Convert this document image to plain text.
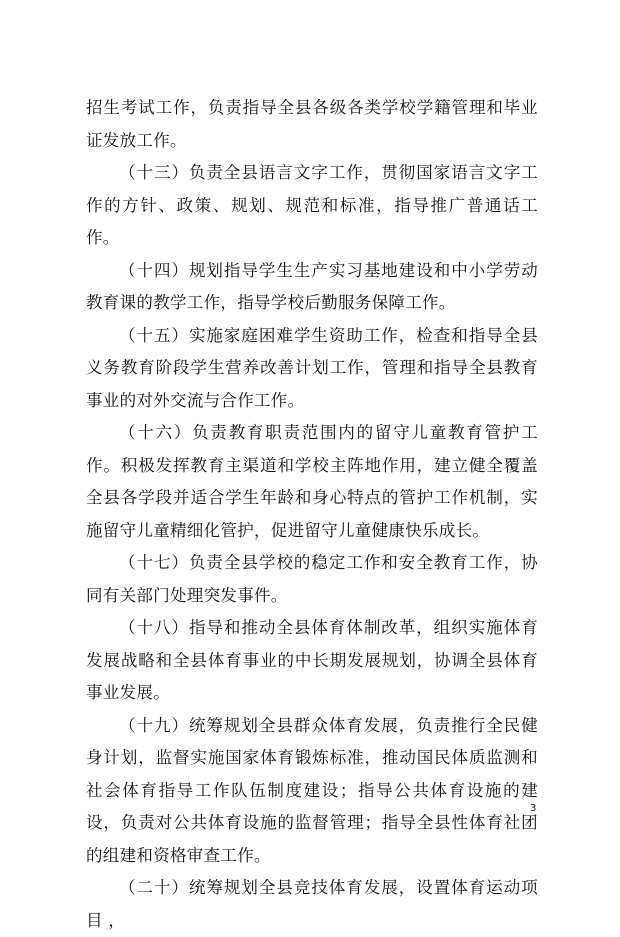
招生考试工作，负责指导全县各级各类学校学籍管理和毕业证发放工作。

（十三）负责全县语言文字工作，贯彻国家语言文字工作的方针、政策、规划、规范和标准，指导推广普通话工作。

（十四）规划指导学生生产实习基地建设和中小学劳动教育课的教学工作，指导学校后勤服务保障工作。

（十五）实施家庭困难学生资助工作，检查和指导全县义务教育阶段学生营养改善计划工作，管理和指导全县教育事业的对外交流与合作工作。

（十六）负责教育职责范围内的留守儿童教育管护工作。积极发挥教育主渠道和学校主阵地作用，建立健全覆盖全县各学段并适合学生年龄和身心特点的管护工作机制，实施留守儿童精细化管护，促进留守儿童健康快乐成长。

（十七）负责全县学校的稳定工作和安全教育工作，协同有关部门处理突发事件。

（十八）指导和推动全县体育体制改革，组织实施体育发展战略和全县体育事业的中长期发展规划，协调全县体育事业发展。

（十九）统筹规划全县群众体育发展，负责推行全民健身计划，监督实施国家体育锻炼标准，推动国民体质监测和社会体育指导工作队伍制度建设；指导公共体育设施的建设，负责对公共体育设施的监督管理；指导全县性体育社团的组建和资格审查工作。

（二十）统筹规划全县竞技体育发展，设置体育运动项目 ，

3
